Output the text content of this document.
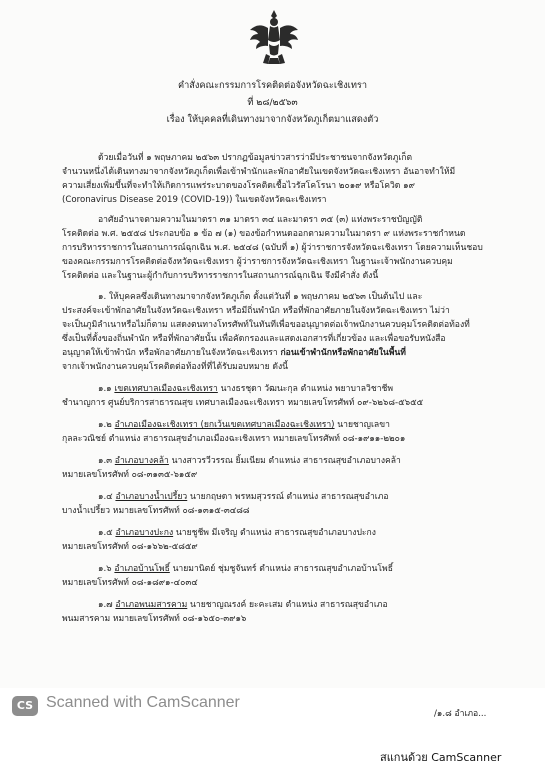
คำสั่งคณะกรรมการโรคติดต่อจังหวัดฉะเชิงเทรา
ที่ ๒๘/๒๕๖๓
เรื่อง ให้บุคคลที่เดินทางมาจากจังหวัดภูเก็ตมาแสดงตัว
ด้วยเมื่อวันที่ ๑ พฤษภาคม ๒๕๖๓ ปรากฏข้อมูลข่าวสารว่ามีประชาชนจากจังหวัดภูเก็ต
จำนวนหนึ่งได้เดินทางมาจากจังหวัดภูเก็ตเพื่อเข้าพำนักและพักอาศัยในเขตจังหวัดฉะเชิงเทรา อันอาจทำให้มี
ความเสี่ยงเพิ่มขึ้นที่จะทำให้เกิดการแพร่ระบาดของโรคติดเชื้อไวรัสโคโรนา ๒๐๑๙ หรือโควิด ๑๙
(Coronavirus Disease 2019 (COVID-19)) ในเขตจังหวัดฉะเชิงเทรา
อาศัยอำนาจตามความในมาตรา ๓๑ มาตรา ๓๔ และมาตรา ๓๕ (๓) แห่งพระราชบัญญัติ
โรคติดต่อ พ.ศ. ๒๕๕๘ ประกอบข้อ ๑ ข้อ ๗ (๑) ของข้อกำหนดออกตามความในมาตรา ๙ แห่งพระราชกำหนด
การบริหารราชการในสถานการณ์ฉุกเฉิน พ.ศ. ๒๕๔๘ (ฉบับที่ ๑) ผู้ว่าราชการจังหวัดฉะเชิงเทรา โดยความเห็นชอบ
ของคณะกรรมการโรคติดต่อจังหวัดฉะเชิงเทรา ผู้ว่าราชการจังหวัดฉะเชิงเทรา ในฐานะเจ้าพนักงานควบคุม
โรคติดต่อ และในฐานะผู้กำกับการบริหารราชการในสถานการณ์ฉุกเฉิน จึงมีคำสั่ง ดังนี้
๑. ให้บุคคลซึ่งเดินทางมาจากจังหวัดภูเก็ต ตั้งแต่วันที่ ๑ พฤษภาคม ๒๕๖๓ เป็นต้นไป และ
ประสงค์จะเข้าพักอาศัยในจังหวัดฉะเชิงเทรา หรือมีถิ่นพำนัก หรือที่พักอาศัยภายในจังหวัดฉะเชิงเทรา ไม่ว่า
จะเป็นภูมิลำเนาหรือไม่ก็ตาม แสดงตนทางโทรศัพท์ในทันทีเพื่อขออนุญาตต่อเจ้าพนักงานควบคุมโรคติดต่อท้องที่
ซึ่งเป็นที่ตั้งของถิ่นพำนัก หรือที่พักอาศัยนั้น เพื่อคัดกรองและแสดงเอกสารที่เกี่ยวข้อง และเพื่อขอรับหนังสือ
อนุญาตให้เข้าพำนัก หรือพักอาศัยภายในจังหวัดฉะเชิงเทรา ก่อนเข้าพำนักหรือพักอาศัยในพื้นที่
จากเจ้าพนักงานควบคุมโรคติดต่อท้องที่ที่ได้รับมอบหมาย ดังนี้
๑.๑ เขตเทศบาลเมืองฉะเชิงเทรา นางธรชุดา วัฒนะกุล ตำแหน่ง พยาบาลวิชาชีพ
ชำนาญการ ศูนย์บริการสาธารณสุข เทศบาลเมืองฉะเชิงเทรา หมายเลขโทรศัพท์ ๐๙-๖๒๖๘-๕๖๕๕
๑.๒ อำเภอเมืองฉะเชิงเทรา (ยกเว้นเขตเทศบาลเมืองฉะเชิงเทรา) นายชาญเลขา
กุลละวณิชย์ ตำแหน่ง สาธารณสุขอำเภอเมืองฉะเชิงเทรา หมายเลขโทรศัพท์ ๐๘-๑๙๑๑-๒๒๐๑
๑.๓ อำเภอบางคล้า นางสาวรวีวรรณ ยิ้มเนียม ตำแหน่ง สาธารณสุขอำเภอบางคล้า
หมายเลขโทรศัพท์ ๐๘-๓๑๓๕-๖๑๕๙
๑.๔ อำเภอบางน้ำเปรี้ยว นายกฤษดา พรหมสุวรรณ์ ตำแหน่ง สาธารณสุขอำเภอ
บางน้ำเปรี้ยว หมายเลขโทรศัพท์ ๐๘-๑๓๑๕-๓๔๘๘
๑.๕ อำเภอบางปะกง นายชูชีพ มีเจริญ ตำแหน่ง สาธารณสุขอำเภอบางปะกง
หมายเลขโทรศัพท์ ๐๘-๑๖๖๒-๕๘๕๙
๑.๖ อำเภอบ้านโพธิ์ นายมานิตย์ ชุ่มชูจันทร์ ตำแหน่ง สาธารณสุขอำเภอบ้านโพธิ์
หมายเลขโทรศัพท์ ๐๘-๑๘๙๑-๔๐๓๔
๑.๗ อำเภอพนมสารคาม นายชาญณรงค์ ยะคะเสม ตำแหน่ง สาธารณสุขอำเภอ
พนมสารคาม หมายเลขโทรศัพท์ ๐๘-๑๖๕๐-๓๙๑๖
CS Scanned with CamScanner
/๑.๘ อำเภอ...
สแกนด้วย CamScanner
